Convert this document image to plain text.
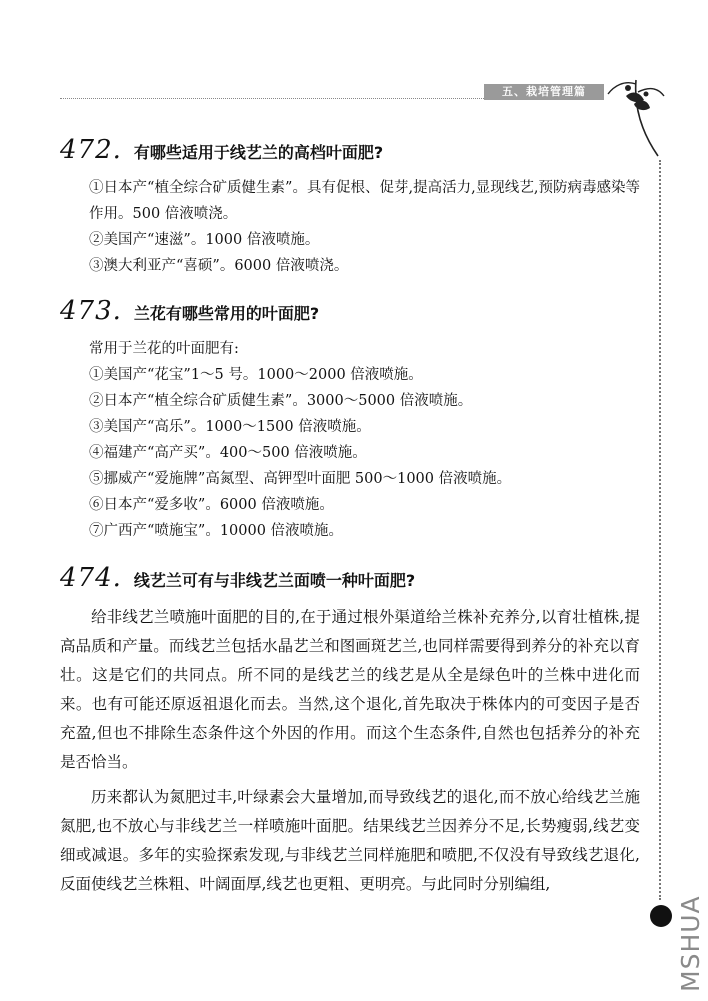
五、栽培管理篇
MSHUA
472. 有哪些适用于线艺兰的高档叶面肥?

①日本产“植全综合矿质健生素”。具有促根、促芽,提高活力,显现线艺,预防病毒感染等作用。500 倍液喷浇。

②美国产“速滋”。1000 倍液喷施。

③澳大利亚产“喜硕”。6000 倍液喷浇。

473. 兰花有哪些常用的叶面肥?

常用于兰花的叶面肥有:

①美国产“花宝”1～5 号。1000～2000 倍液喷施。

②日本产“植全综合矿质健生素”。3000～5000 倍液喷施。

③美国产“高乐”。1000～1500 倍液喷施。

④福建产“高产买”。400～500 倍液喷施。

⑤挪威产“爱施牌”高氮型、高钾型叶面肥 500～1000 倍液喷施。

⑥日本产“爱多收”。6000 倍液喷施。

⑦广西产“喷施宝”。10000 倍液喷施。

474. 线艺兰可有与非线艺兰面喷一种叶面肥?

给非线艺兰喷施叶面肥的目的,在于通过根外渠道给兰株补充养分,以育壮植株,提高品质和产量。而线艺兰包括水晶艺兰和图画斑艺兰,也同样需要得到养分的补充以育壮。这是它们的共同点。所不同的是线艺兰的线艺是从全是绿色叶的兰株中进化而来。也有可能还原返祖退化而去。当然,这个退化,首先取决于株体内的可变因子是否充盈,但也不排除生态条件这个外因的作用。而这个生态条件,自然也包括养分的补充是否恰当。

历来都认为氮肥过丰,叶绿素会大量增加,而导致线艺的退化,而不放心给线艺兰施氮肥,也不放心与非线艺兰一样喷施叶面肥。结果线艺兰因养分不足,长势瘦弱,线艺变细或减退。多年的实验探索发现,与非线艺兰同样施肥和喷肥,不仅没有导致线艺退化,反面使线艺兰株粗、叶阔面厚,线艺也更粗、更明亮。与此同时分别编组,
